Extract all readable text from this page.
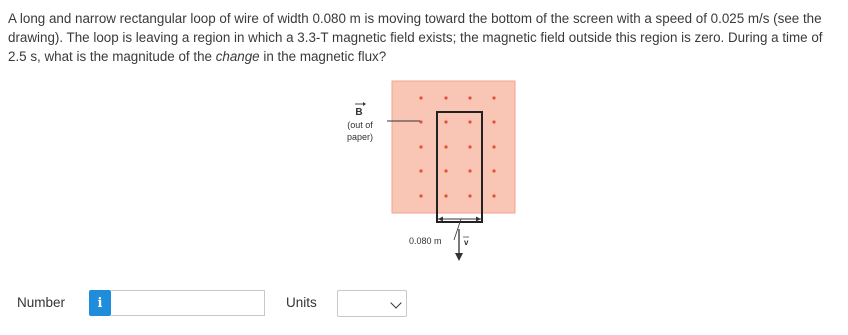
A long and narrow rectangular loop of wire of width 0.080 m is moving toward the bottom of the screen with a speed of 0.025 m/s (see the drawing). The loop is leaving a region in which a 3.3-T magnetic field exists; the magnetic field outside this region is zero. During a time of 2.5 s, what is the magnitude of the change in the magnetic flux?
B
(out of
paper)
0.080 m	v
Number	i	Units
